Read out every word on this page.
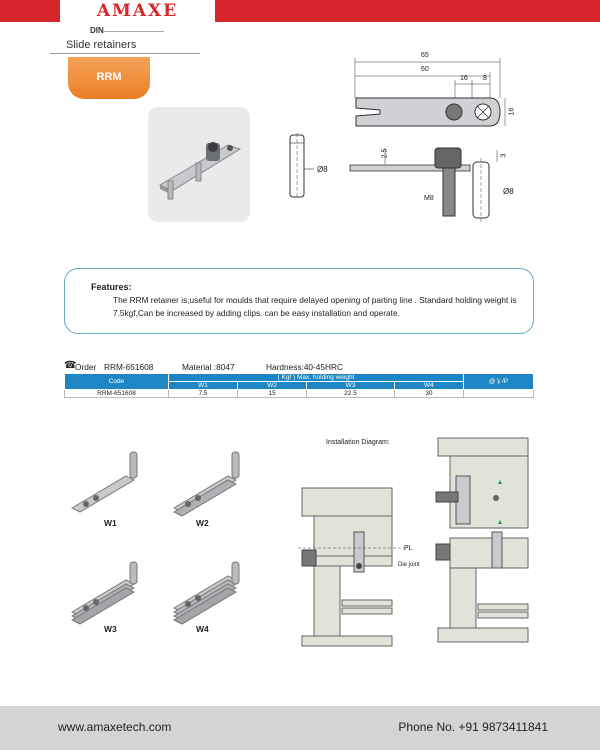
AMAXE
DIN
Slide retainers
RRM
Ø8
65
60
16 8
16
2.5	3
M8
Ø8
Features:
The RRM retainer is,useful for moulds that require delayed opening of parting line . Standard holding weight is 7.5kgf,Can be increased by adding clips. can be easy installation and operate.
☎
Order RRM-651608	Material :8047	Hardness:40-45HRC
Code	( Kgf ) Max. holding weight				@￥/P
	W1	W2	W3	W4	
RRM-651608	7.5	15	22.5	30	
W1	W2
W3	W4
Installation Diagram:
PL
Die joint
www.amaxetech.com	Phone No. +91 9873411841
